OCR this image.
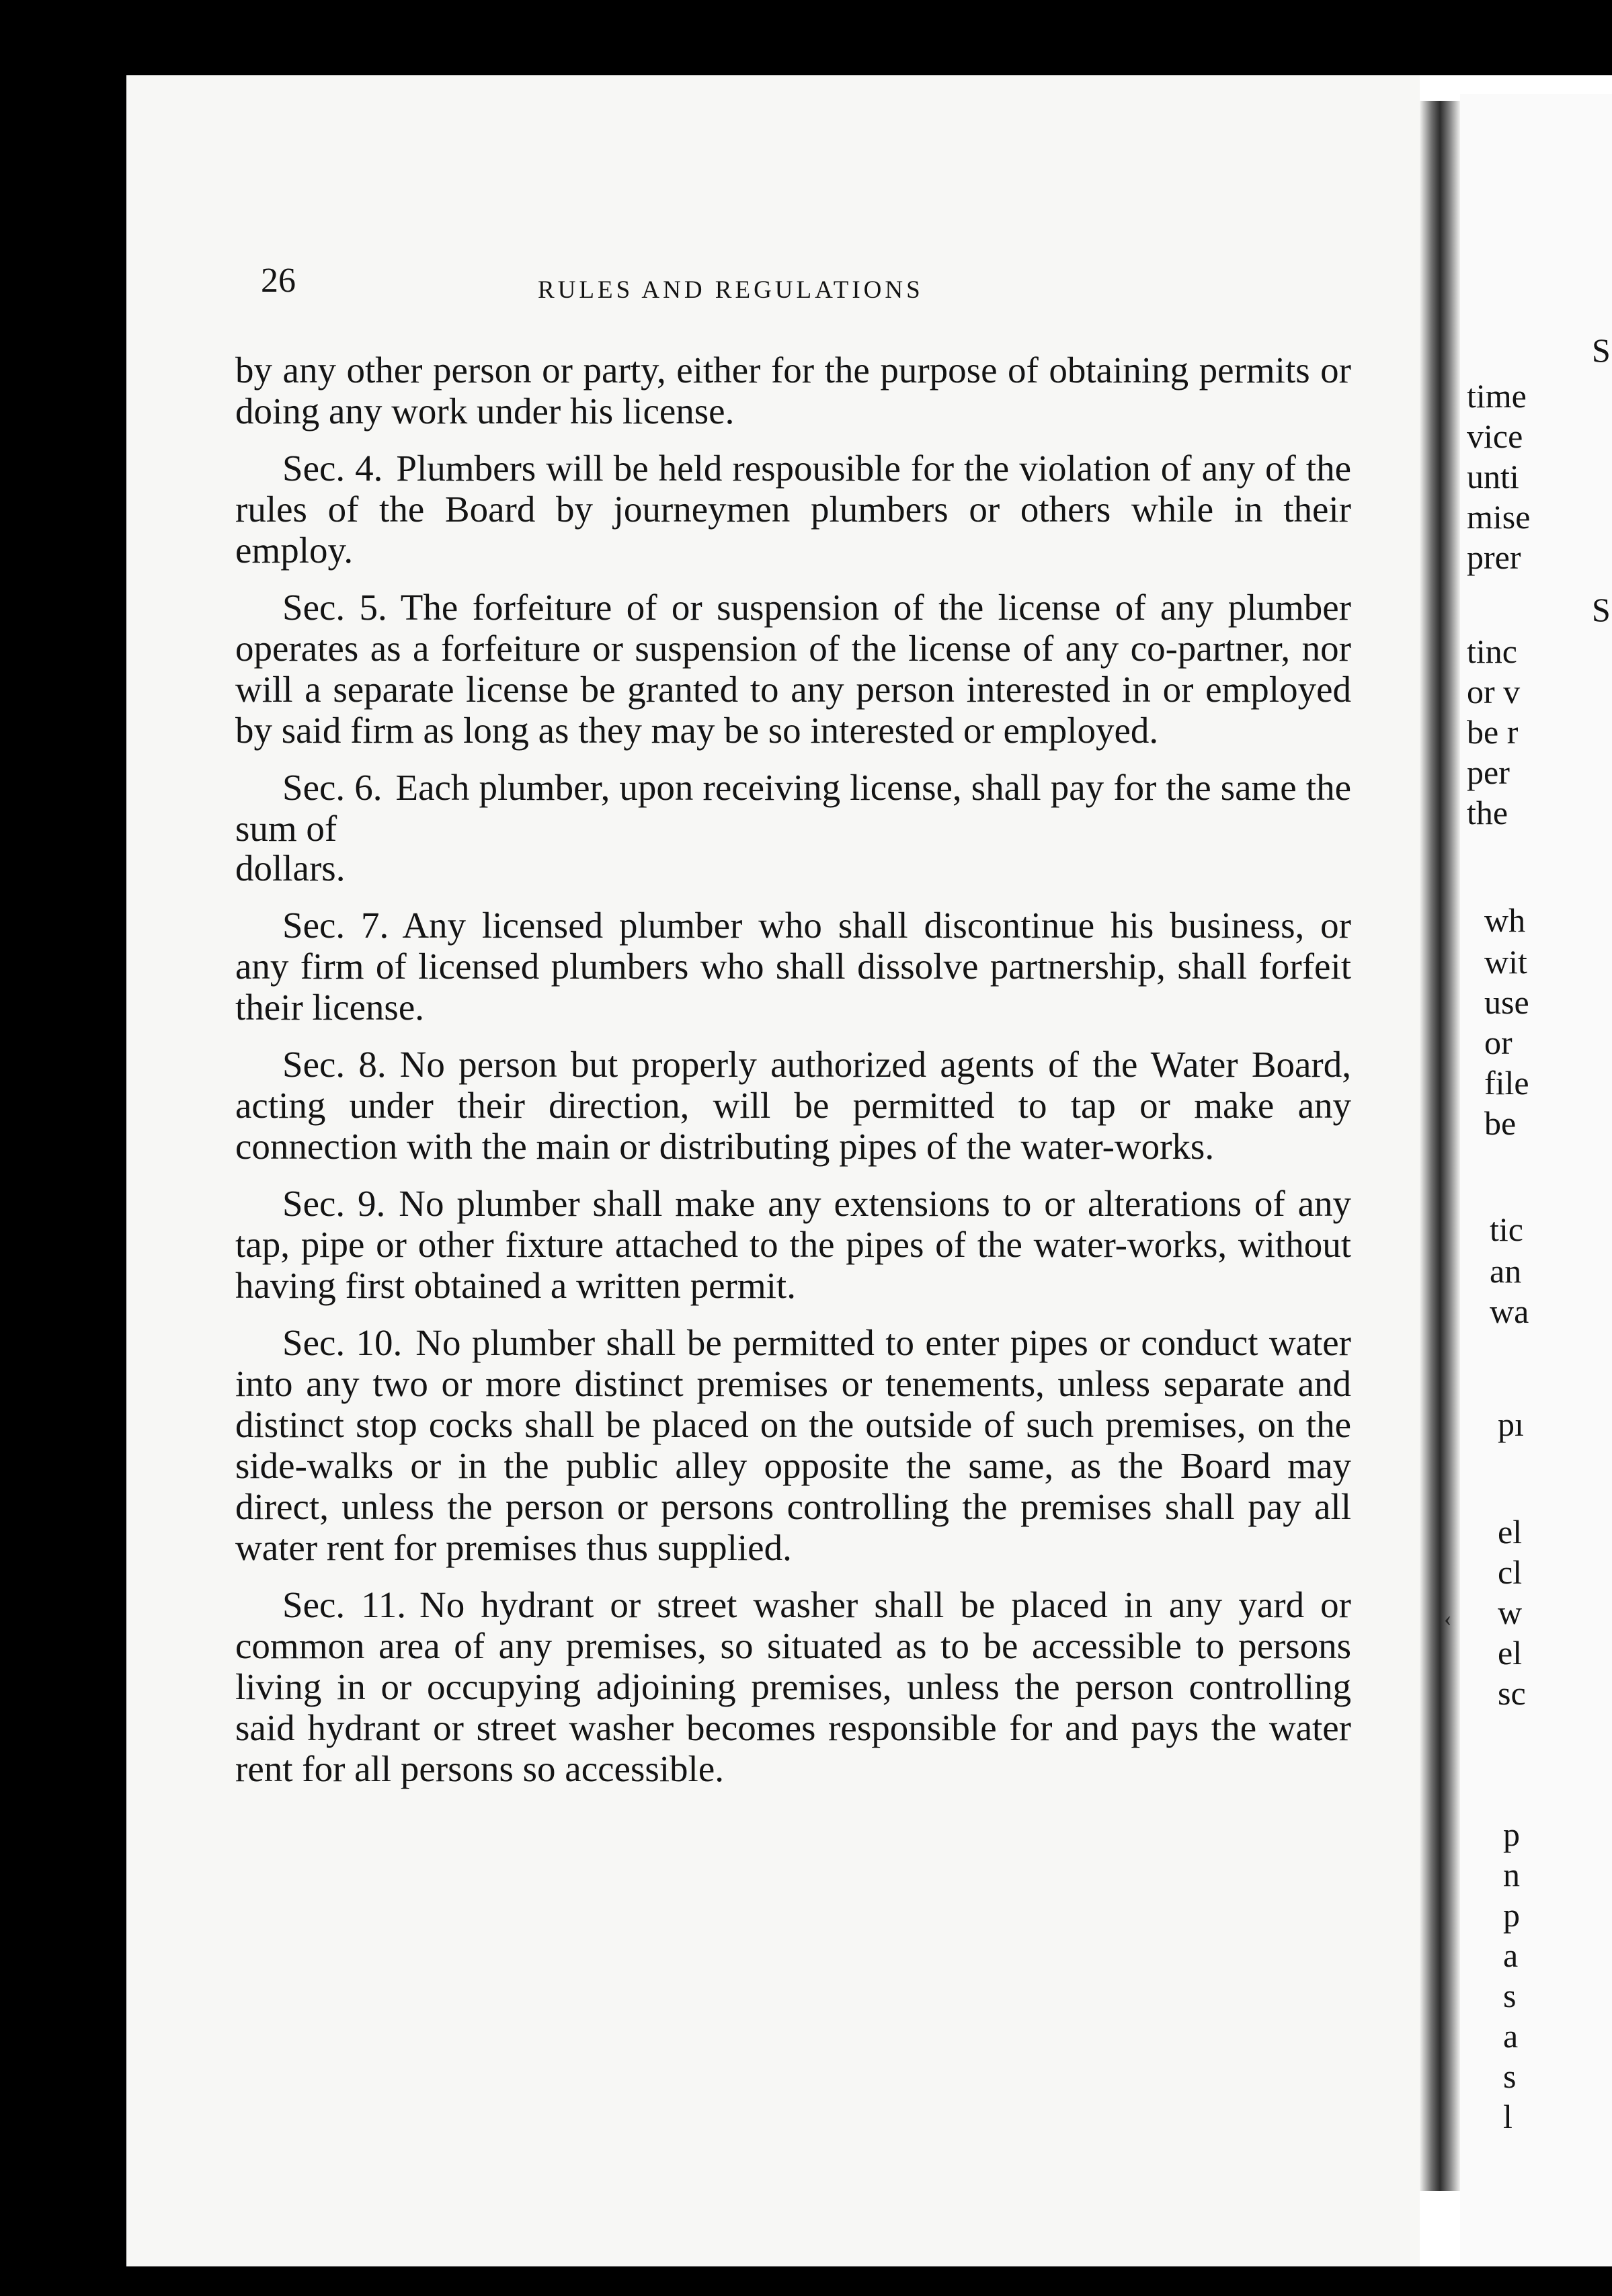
S
time
vice
unti
mise
prer
S
tinc
or v
be r
per
the
wh
wit
use
or
file
be
tic
an
wa
pı
el
cl
w
el
sc
p
n
p
a
s
a
s
l
‹
26	RULES AND REGULATIONS

by any other person or party, either for the purpose of obtaining permits or doing any work under his license.

Sec. 4. Plumbers will be held respousible for the violation of any of the rules of the Board by journeymen plumbers or others while in their employ.

Sec. 5. The forfeiture of or suspension of the license of any plumber operates as a forfeiture or suspension of the license of any co-partner, nor will a separate license be granted to any person interested in or employed by said firm as long as they may be so interested or employed.

Sec. 6. Each plumber, upon receiving license, shall pay for the same the sum of
dollars.

Sec. 7. Any licensed plumber who shall discontinue his business, or any firm of licensed plumbers who shall dissolve partnership, shall forfeit their license.

Sec. 8. No person but properly authorized agents of the Water Board, acting under their direction, will be permitted to tap or make any connection with the main or distributing pipes of the water-works.

Sec. 9. No plumber shall make any extensions to or alterations of any tap, pipe or other fixture attached to the pipes of the water-works, without having first obtained a written permit.

Sec. 10. No plumber shall be permitted to enter pipes or conduct water into any two or more distinct premises or tenements, unless separate and distinct stop cocks shall be placed on the outside of such premises, on the side-walks or in the public alley opposite the same, as the Board may direct, unless the person or persons controlling the premises shall pay all water rent for premises thus supplied.

Sec. 11. No hydrant or street washer shall be placed in any yard or common area of any premises, so situated as to be accessible to persons living in or occupying adjoining premises, unless the person controlling said hydrant or street washer becomes responsible for and pays the water rent for all persons so accessible.
